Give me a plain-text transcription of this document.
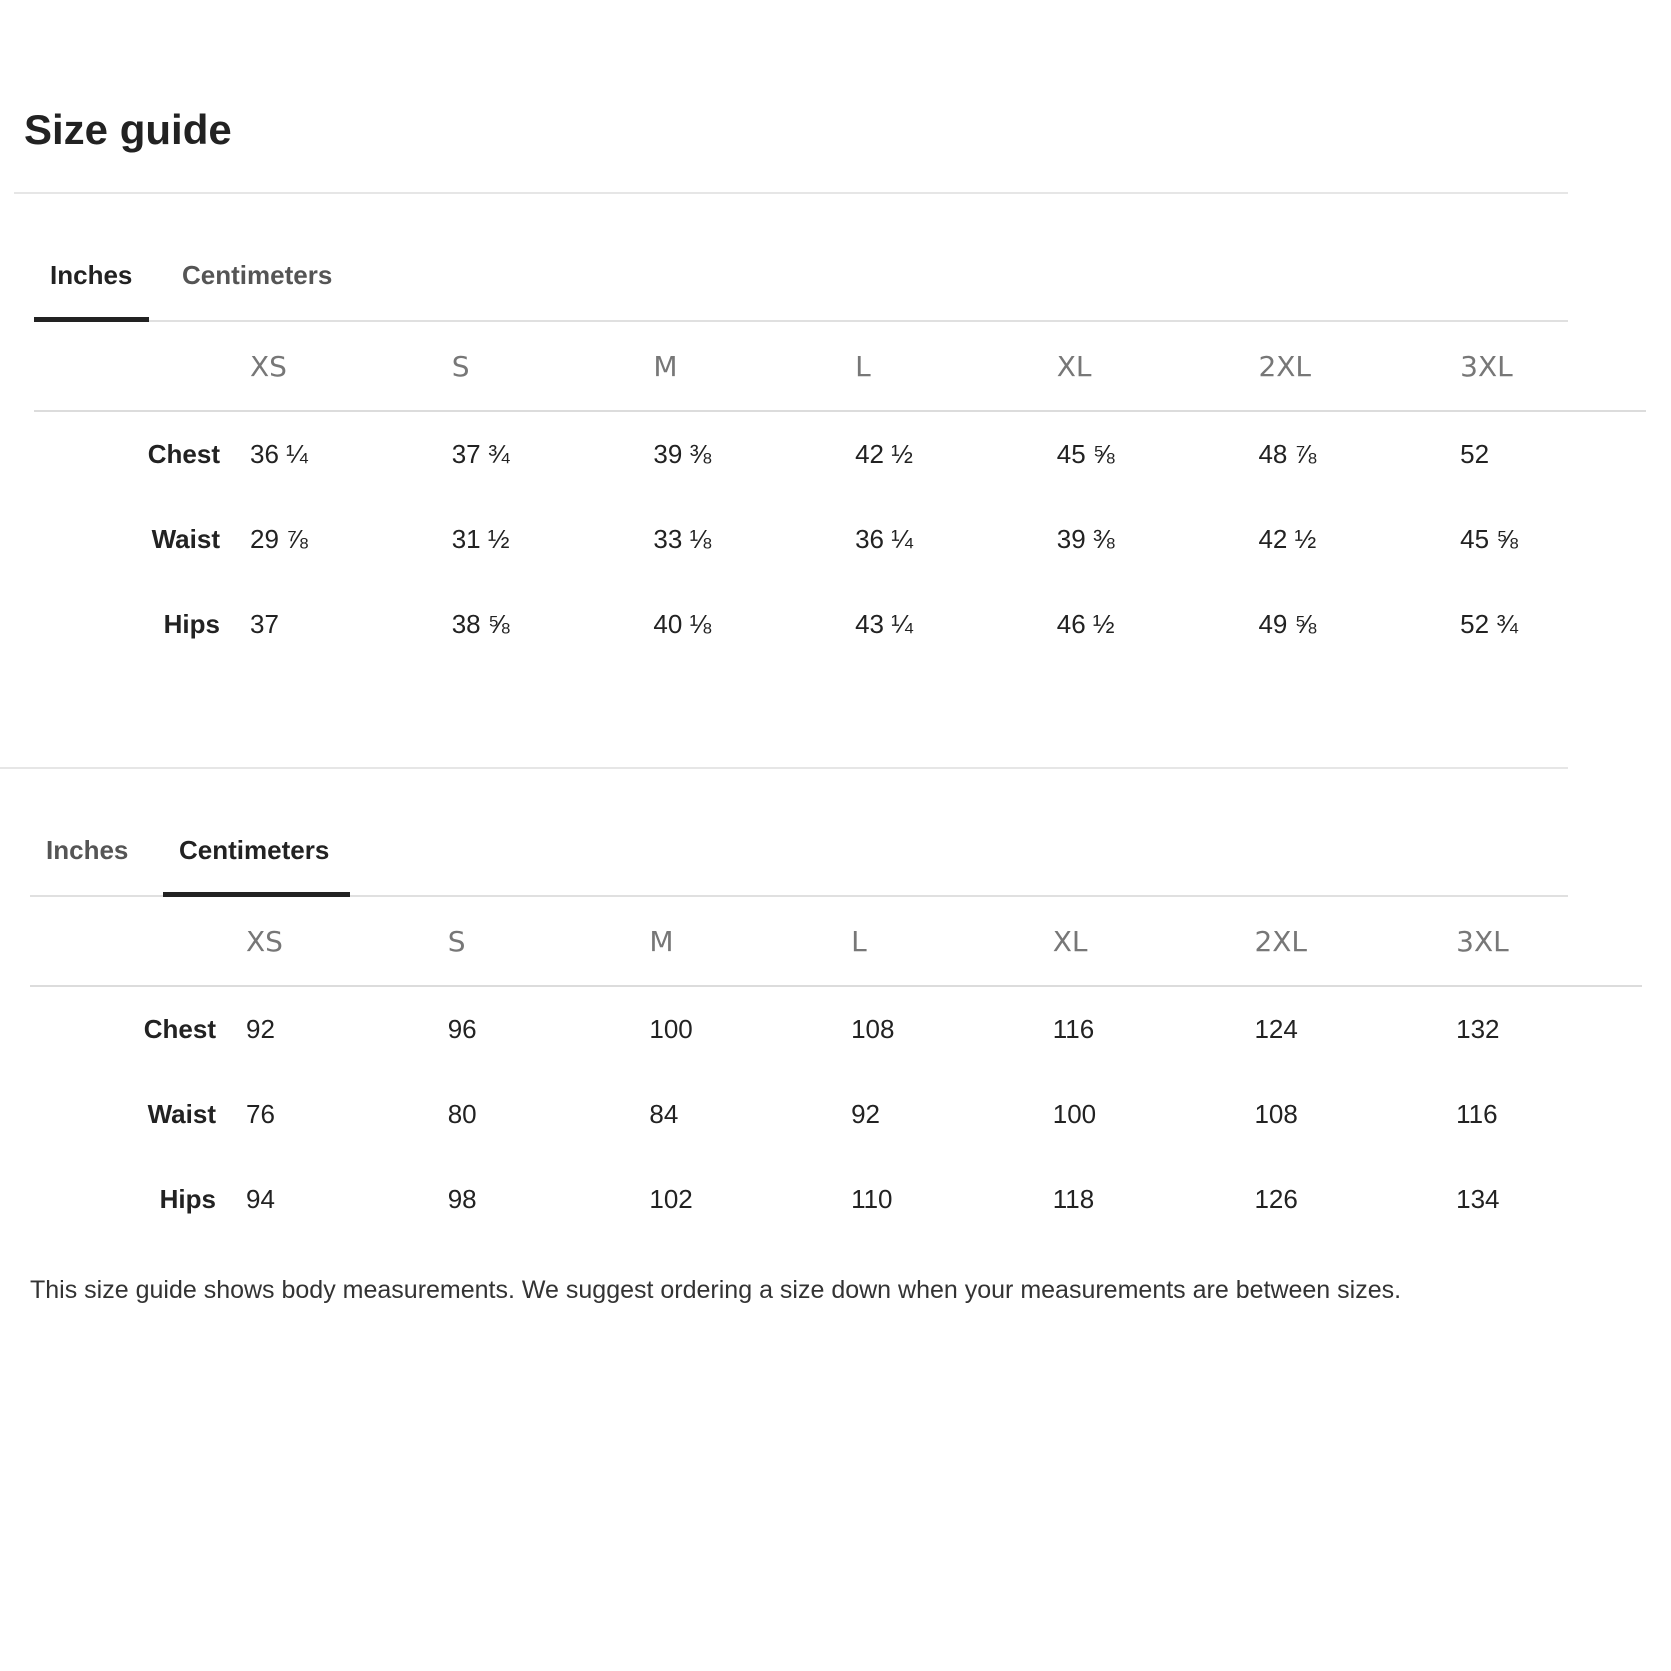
Size guide
Inches	Centimeters
	XS	S	M	L	XL	2XL	3XL
Chest	36 ¼	37 ¾	39 ⅜	42 ½	45 ⅝	48 ⅞	52
Waist	29 ⅞	31 ½	33 ⅛	36 ¼	39 ⅜	42 ½	45 ⅝
Hips	37	38 ⅝	40 ⅛	43 ¼	46 ½	49 ⅝	52 ¾
Inches	Centimeters
	XS	S	M	L	XL	2XL	3XL
Chest	92	96	100	108	116	124	132
Waist	76	80	84	92	100	108	116
Hips	94	98	102	110	118	126	134

This size guide shows body measurements. We suggest ordering a size down when your measurements are between sizes.
